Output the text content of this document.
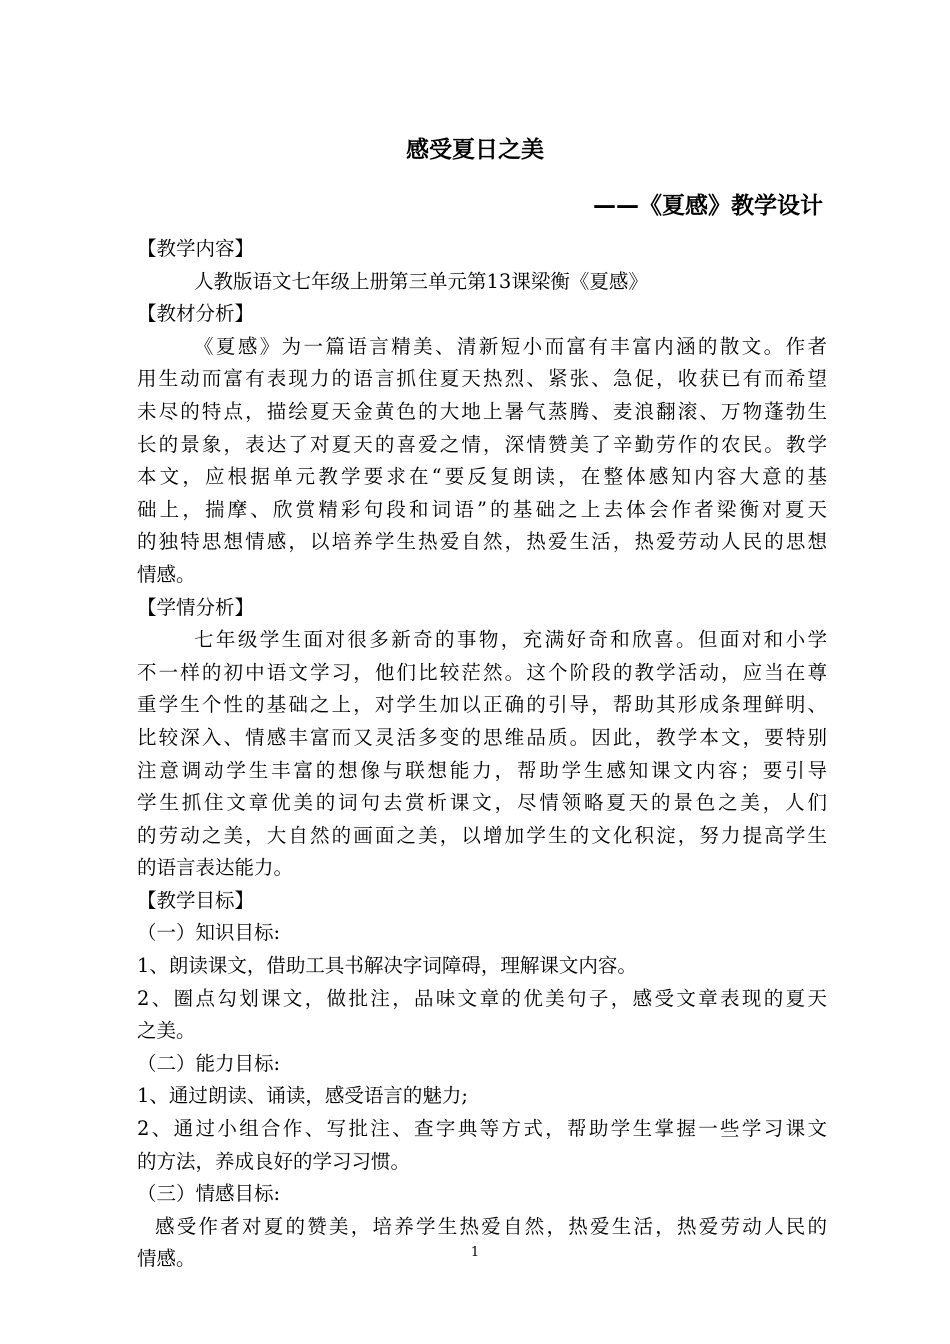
感受夏日之美
——《夏感》教学设计
【教学内容】
人教版语文七年级上册第三单元第13课梁衡《夏感》
【教材分析】
《夏感》为一篇语言精美、清新短小而富有丰富内涵的散文。作者
用生动而富有表现力的语言抓住夏天热烈、紧张、急促，收获已有而希望
未尽的特点，描绘夏天金黄色的大地上暑气蒸腾、麦浪翻滚、万物蓬勃生
长的景象，表达了对夏天的喜爱之情，深情赞美了辛勤劳作的农民。教学
本文，应根据单元教学要求在“要反复朗读，在整体感知内容大意的基
础上，揣摩、欣赏精彩句段和词语”的基础之上去体会作者梁衡对夏天
的独特思想情感，以培养学生热爱自然，热爱生活，热爱劳动人民的思想
情感。
【学情分析】
七年级学生面对很多新奇的事物，充满好奇和欣喜。但面对和小学
不一样的初中语文学习，他们比较茫然。这个阶段的教学活动，应当在尊
重学生个性的基础之上，对学生加以正确的引导，帮助其形成条理鲜明、
比较深入、情感丰富而又灵活多变的思维品质。因此，教学本文，要特别
注意调动学生丰富的想像与联想能力，帮助学生感知课文内容；要引导
学生抓住文章优美的词句去赏析课文，尽情领略夏天的景色之美，人们
的劳动之美，大自然的画面之美，以增加学生的文化积淀，努力提高学生
的语言表达能力。
【教学目标】
（一）知识目标:
1、朗读课文，借助工具书解决字词障碍，理解课文内容。
2、圈点勾划课文，做批注，品味文章的优美句子，感受文章表现的夏天
之美。
（二）能力目标:
1、通过朗读、诵读，感受语言的魅力;
2、通过小组合作、写批注、查字典等方式，帮助学生掌握一些学习课文
的方法，养成良好的学习习惯。
（三）情感目标:
感受作者对夏的赞美，培养学生热爱自然，热爱生活，热爱劳动人民的
情感。	1
